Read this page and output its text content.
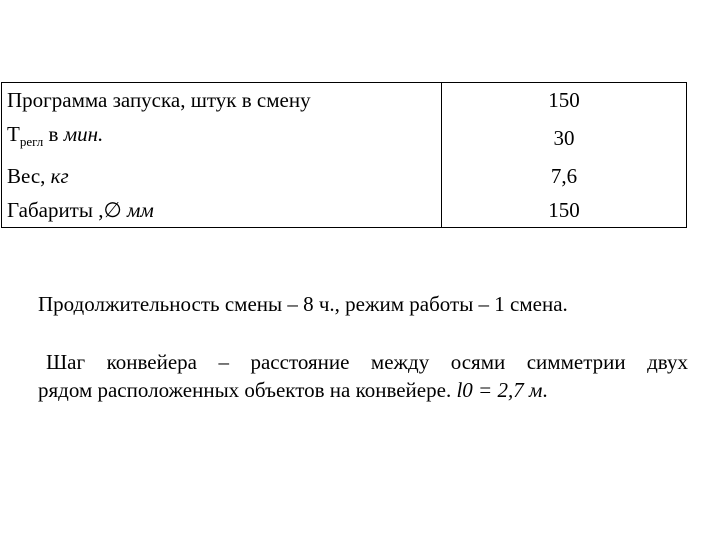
Программа запуска, штук в смену	150
$Т_{регл}$ в мин.	30
Вес, кг	7,6
Габариты ,∅ мм	150
Продолжительность смены – 8 ч., режим работы – 1 смена.
Шаг конвейера – расстояние между осями симметрии двух
рядом расположенных объектов на конвейере. l0 = 2,7 м.
